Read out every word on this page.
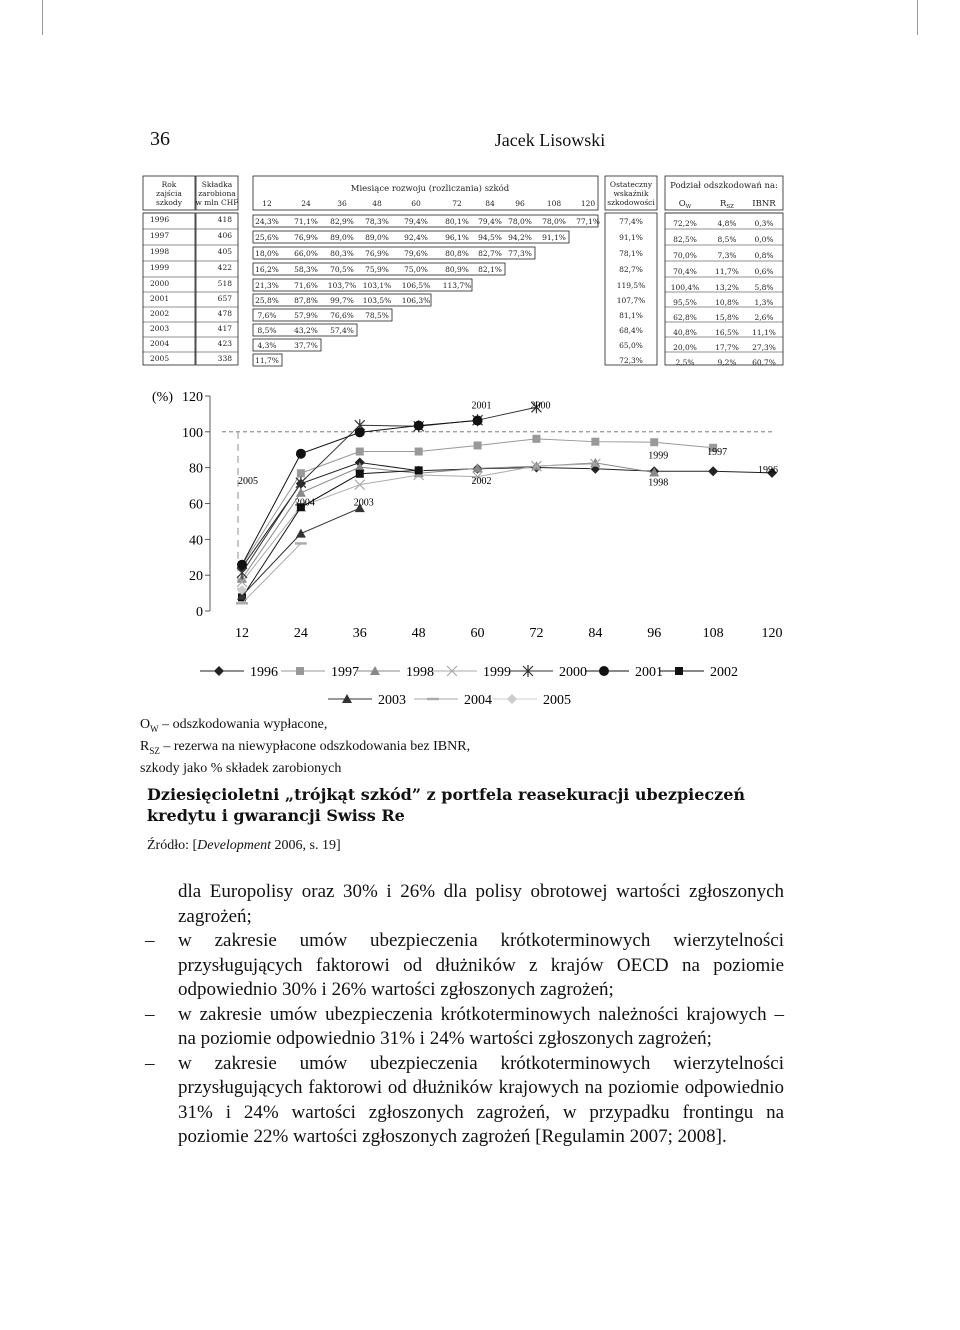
36	Jacek Lisowski
Rok
zajścia
szkody
Składka
zarobiona
w mln CHF
Miesiące rozwoju (rozliczania) szkód
12	24	36	48	60	72	84	96	108	120
Ostateczny
wskaźnik
szkodowości
Podział odszkodowań na:
$O_W$	$R_{SZ}$ IBNR
1996	418	24,3% 71,1% 82,9% 78,3% 79,4% 80,1% 79,4% 78,0% 78,0% 77,1%	77,4%	72,2%	4,8% 0,3%
1997	406	25,6% 76,9% 89,0% 89,0% 92,4% 96,1% 94,5% 94,2% 91,1%	91,1%	82,5%	8,5% 0,0%
1998	405	18,0% 66,0% 80,3% 76,9% 79,6% 80,8% 82,7% 77,3%	78,1%	70,0%	7,3% 0,8%
1999	422	16,2% 58,3% 70,5% 75,9% 75,0% 80,9% 82,1%	82,7%	70,4% 11,7% 0,6%
2000	518	21,3% 71,6% 103,7% 103,1% 106,5% 113,7%	119,5%	100,4% 13,2% 5,8%
2001	657	25,8% 87,8% 99,7% 103,5% 106,3%	107,7%	95,5% 10,8% 1,3%
2002	478	7,6% 57,9% 76,6% 78,5%	81,1%	62,8% 15,8% 2,6%
2003	417	8,5% 43,2% 57,4%	68,4%	40,8% 16,5% 11,1%
2004	423	4,3% 37,7%	65,0%	20,0% 17,7% 27,3%
2005	338	11,7%	72,3%	2,5%	9,2% 60,7%
(%)
0
20
40
60
80
100
120
12	24	36	48	60	72	84	96	108	120
2001	2000
1999	1997
1996
1998
2002
2005
2004	2003
1996	1997	1998	1999	2000	2001	2002
2003	2004	2005
$O_W$ – odszkodowania wypłacone,
$R_{SZ}$ – rezerwa na niewypłacone odszkodowania bez IBNR,
szkody jako % składek zarobionych
Dziesięcioletni „trójkąt szkód” z portfela reasekuracji ubezpieczeń kredytu i gwarancji Swiss Re
Źródło: [Development 2006, s. 19]

dla Europolisy oraz 30% i 26% dla polisy obrotowej wartości zgłoszonych zagrożeń;

– w zakresie umów ubezpieczenia krótkoterminowych wierzytelności przysługujących faktorowi od dłużników z krajów OECD na poziomie odpowiednio 30% i 26% wartości zgłoszonych zagrożeń;

– w zakresie umów ubezpieczenia krótkoterminowych należności krajowych – na poziomie odpowiednio 31% i 24% wartości zgłoszonych zagrożeń;

– w zakresie umów ubezpieczenia krótkoterminowych wierzytelności przysługujących faktorowi od dłużników krajowych na poziomie odpowiednio 31% i 24% wartości zgłoszonych zagrożeń, w przypadku frontingu na poziomie 22% wartości zgłoszonych zagrożeń [Regulamin 2007; 2008].
